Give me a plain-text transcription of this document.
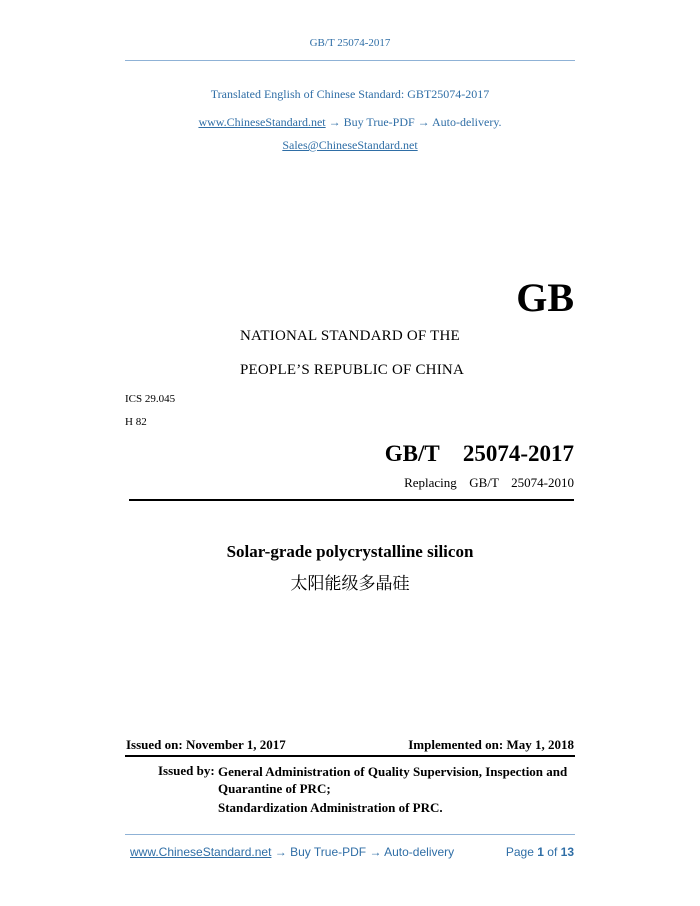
GB/T 25074-2017
Translated English of Chinese Standard: GBT25074-2017
www.ChineseStandard.net → Buy True-PDF → Auto-delivery.
Sales@ChineseStandard.net
GB
NATIONAL STANDARD OF THE
PEOPLE’S REPUBLIC OF CHINA
ICS 29.045
H 82
GB/T  25074-2017
Replacing  GB/T  25074-2010
Solar-grade polycrystalline silicon
太阳能级多晶硅
Issued on: November 1, 2017	Implemented on: May 1, 2018
Issued by: General Administration of Quality Supervision, Inspection and Quarantine of PRC;
Standardization Administration of PRC.
www.ChineseStandard.net → Buy True-PDF → Auto-delivery	Page 1 of 13
